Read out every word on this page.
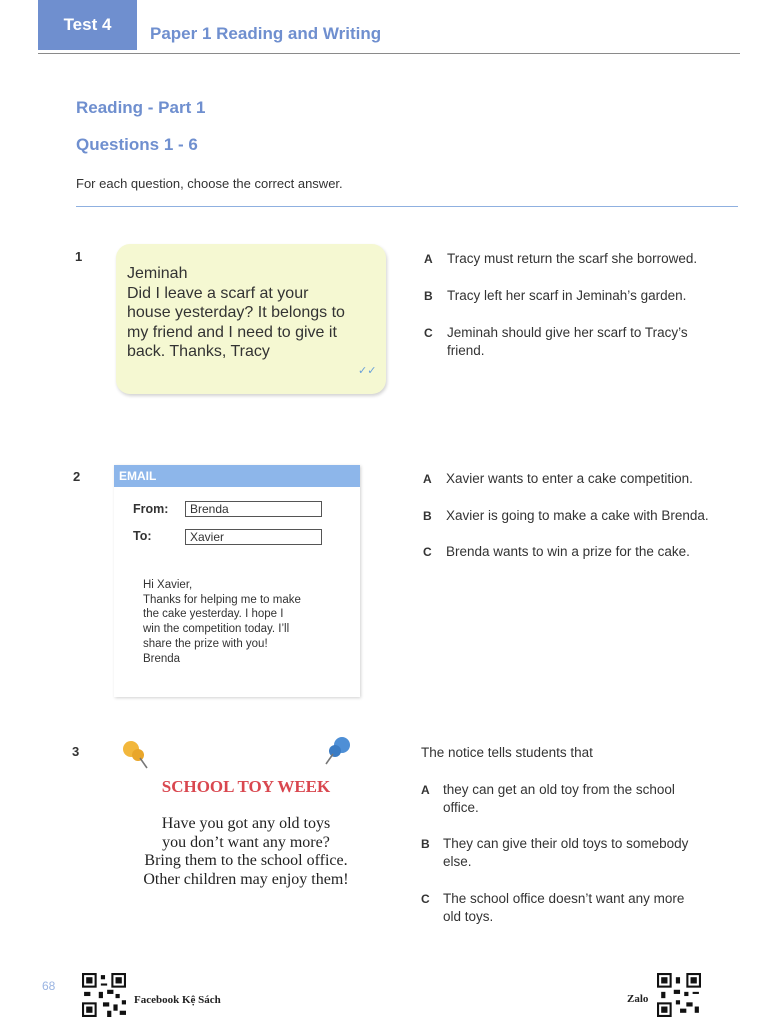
Test 4	Paper 1 Reading and Writing
Reading - Part 1
Questions 1 - 6
For each question, choose the correct answer.
1
Jeminah
Did I leave a scarf at your
house yesterday? It belongs to
my friend and I need to give it
back. Thanks, Tracy
✓✓
A Tracy must return the scarf she borrowed.
B Tracy left her scarf in Jeminah’s garden.
C Jeminah should give her scarf to Tracy’s
friend.
2	EMAIL
From:	Brenda
To:	Xavier
Hi Xavier,
Thanks for helping me to make
the cake yesterday. I hope I
win the competition today. I’ll
share the prize with you!
Brenda
A Xavier wants to enter a cake competition.
B Xavier is going to make a cake with Brenda.
C Brenda wants to win a prize for the cake.
3
SCHOOL TOY WEEK
Have you got any old toys
you don’t want any more?
Bring them to the school office.
Other children may enjoy them!
The notice tells students that
A they can get an old toy from the school
office.
B They can give their old toys to somebody
else.
C The school office doesn’t want any more
old toys.
68
Facebook Kệ Sách	Zalo
